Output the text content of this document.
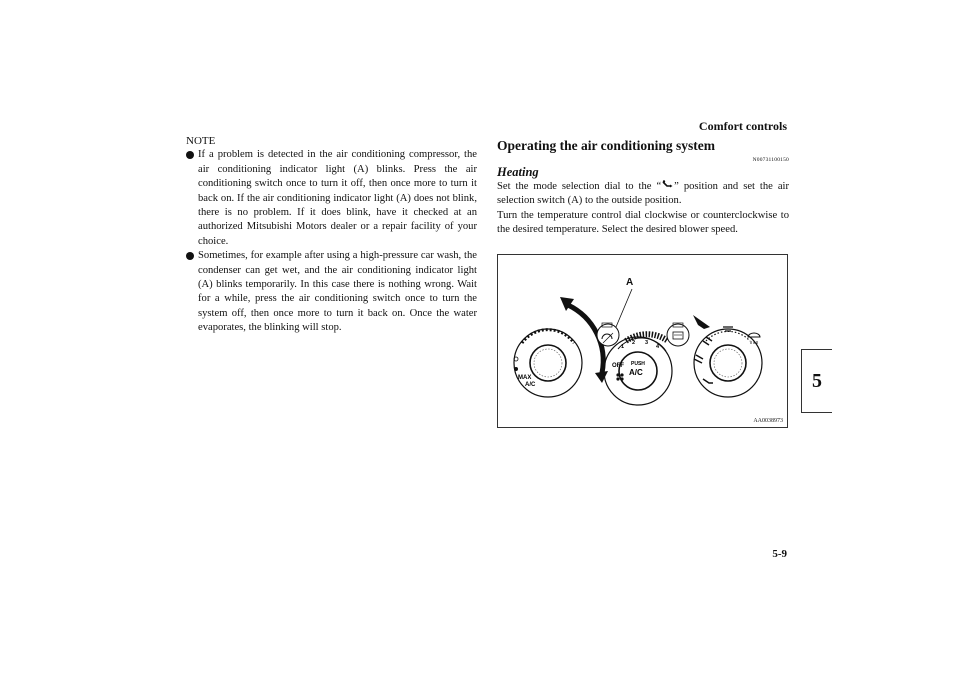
Comfort controls
NOTE
If a problem is detected in the air conditioning compressor, the air conditioning indicator light (A) blinks. Press the air conditioning switch once to turn it off, then once more to turn it back on. If the air conditioning indicator light (A) does not blink, there is no problem. If it does blink, have it checked at an authorized Mitsubishi Motors dealer or a repair facility of your choice.
Sometimes, for example after using a high-pressure car wash, the condenser can get wet, and the air conditioning indicator light (A) blinks temporarily. In this case there is nothing wrong. Wait for a while, press the air conditioning switch once to turn the system off, then once more to turn it back on. Once the water evaporates, the blinking will stop.
Operating the air conditioning system
N00731100150
Heating
Set the mode selection dial to the “ ” position and set the air selection switch (A) to the outside position.
Turn the temperature control dial clockwise or counterclockwise to the desired temperature. Select the desired blower speed.
MAX
A/C
OFF
1
2 3
4
PUSH
A/C
A
AA0038973
5
5-9
